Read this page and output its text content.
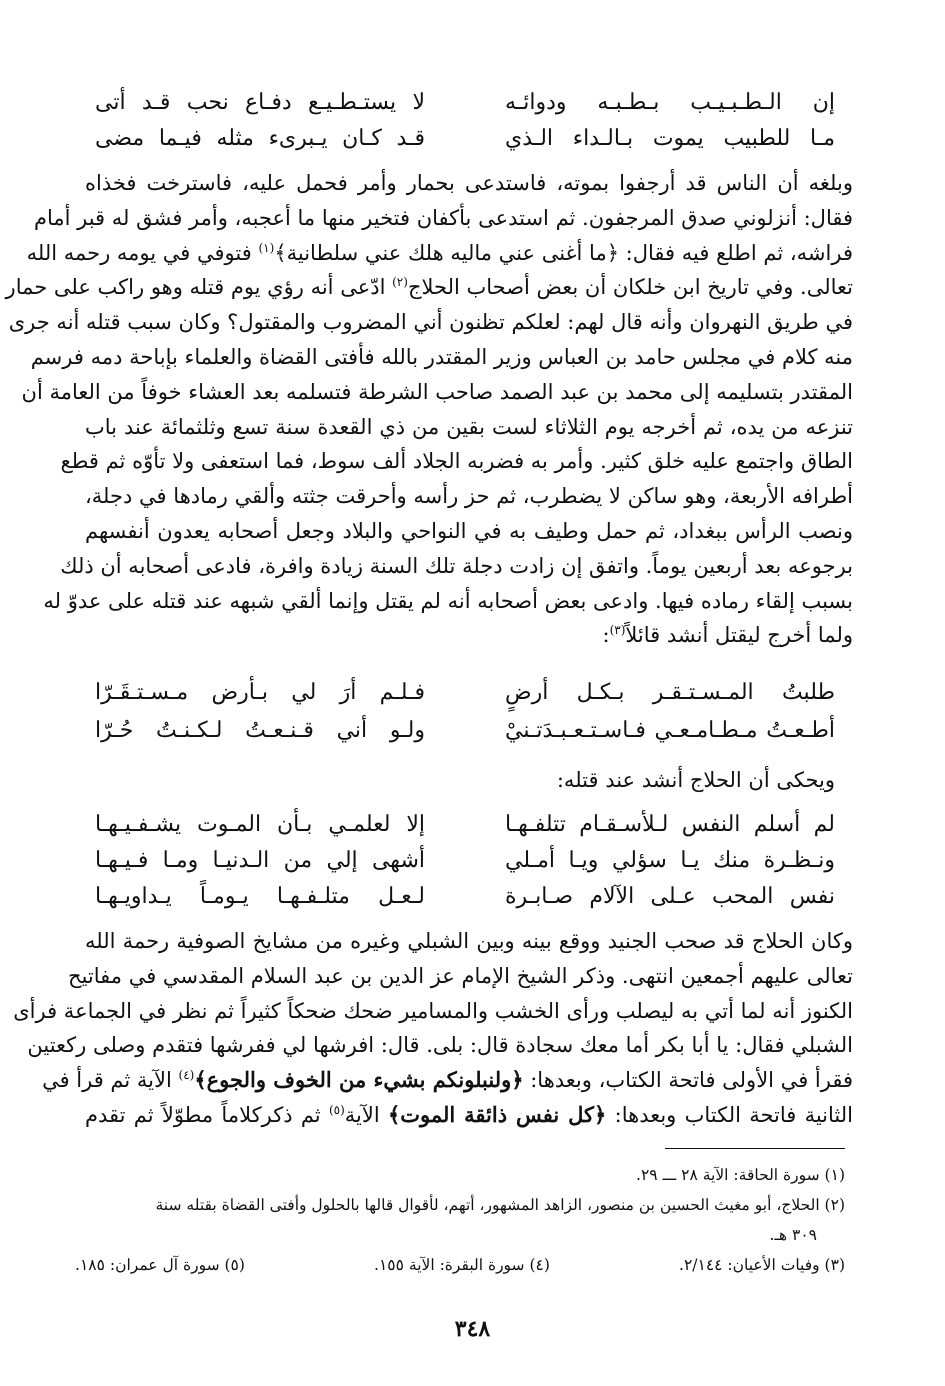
إن الـطـبـيـب بـطـبـه ودوائـه
لا يستـطـيـع دفـاع نحب قـد أتى
مـا للطبيب يموت بـالـداء الـذي
قـد كـان يـبرىء مثله فيـما مضى
وبلغه أن الناس قد أرجفوا بموته، فاستدعى بحمار وأمر فحمل عليه، فاسترخت فخذاه
فقال: أنزلوني صدق المرجفون. ثم استدعى بأكفان فتخير منها ما أعجبه، وأمر فشق له قبر أمام
فراشه، ثم اطلع فيه فقال: ﴿ما أغنى عني ماليه هلك عني سلطانية﴾$^{(١)}$ فتوفي في يومه رحمه الله
تعالى. وفي تاريخ ابن خلكان أن بعض أصحاب الحلاج$^{(٢)}$ ادّعى أنه رؤي يوم قتله وهو راكب على حمار
في طريق النهروان وأنه قال لهم: لعلكم تظنون أني المضروب والمقتول؟ وكان سبب قتله أنه جرى
منه كلام في مجلس حامد بن العباس وزير المقتدر بالله فأفتى القضاة والعلماء بإباحة دمه فرسم
المقتدر بتسليمه إلى محمد بن عبد الصمد صاحب الشرطة فتسلمه بعد العشاء خوفاً من العامة أن
تنزعه من يده، ثم أخرجه يوم الثلاثاء لست بقين من ذي القعدة سنة تسع وثلثمائة عند باب
الطاق واجتمع عليه خلق كثير. وأمر به فضربه الجلاد ألف سوط، فما استعفى ولا تأوّه ثم قطع
أطرافه الأربعة، وهو ساكن لا يضطرب، ثم حز رأسه وأحرقت جثته وألقي رمادها في دجلة،
ونصب الرأس ببغداد، ثم حمل وطيف به في النواحي والبلاد وجعل أصحابه يعدون أنفسهم
برجوعه بعد أربعين يوماً. واتفق إن زادت دجلة تلك السنة زيادة وافرة، فادعى أصحابه أن ذلك
بسبب إلقاء رماده فيها. وادعى بعض أصحابه أنه لم يقتل وإنما ألقي شبهه عند قتله على عدوّ له
ولما أخرج ليقتل أنشد قائلاً$^{(٣)}$:
طلبتُ المـسـتـقـر بـكـل أرضٍ
فـلـم أرَ لي بـأرض مـسـتـقَـرّا
أطـعـتُ مـطـامـعـي فـاسـتـعـبـدَتـنيْ
ولـو أني قـنـعـتُ لـكـنـتُ حُـرّا
ويحكى أن الحلاج أنشد عند قتله:
لم أسلم النفس لـلأسـقـام تتلفـهـا
إلا لعلمـي بـأن المـوت يشـفـيـهـا
ونـظـرة منك يـا سؤلي ويـا أمـلي
أشهى إلي من الـدنيـا ومـا فـيـهـا
نفس المحب عـلى الآلام صـابـرة
لـعـل متلـفـهـا يـومـاً يـداويـهـا
وكان الحلاج قد صحب الجنيد ووقع بينه وبين الشبلي وغيره من مشايخ الصوفية رحمة الله
تعالى عليهم أجمعين انتهى. وذكر الشيخ الإمام عز الدين بن عبد السلام المقدسي في مفاتيح
الكنوز أنه لما أتي به ليصلب ورأى الخشب والمسامير ضحك ضحكاً كثيراً ثم نظر في الجماعة فرأى
الشبلي فقال: يا أبا بكر أما معك سجادة قال: بلى. قال: افرشها لي ففرشها فتقدم وصلى ركعتين
فقرأ في الأولى فاتحة الكتاب، وبعدها: ﴿ولنبلونكم بشيء من الخوف والجوع﴾$^{(٤)}$ الآية ثم قرأ في
الثانية فاتحة الكتاب وبعدها: ﴿كل نفس ذائقة الموت﴾ الآية$^{(٥)}$ ثم ذكركلاماً مطوّلاً ثم تقدم
(١) سورة الحاقة: الآية ٢٨ ـــ ٢٩.
(٢) الحلاج، أبو مغيث الحسين بن منصور، الزاهد المشهور، أتهم، لأقوال قالها بالحلول وأفتى القضاة بقتله سنة
٣٠٩ هـ.
(٣) وفيات الأعيان: ٢/١٤٤.
(٤) سورة البقرة: الآية ١٥٥.
(٥) سورة آل عمران: ١٨٥.
٣٤٨
